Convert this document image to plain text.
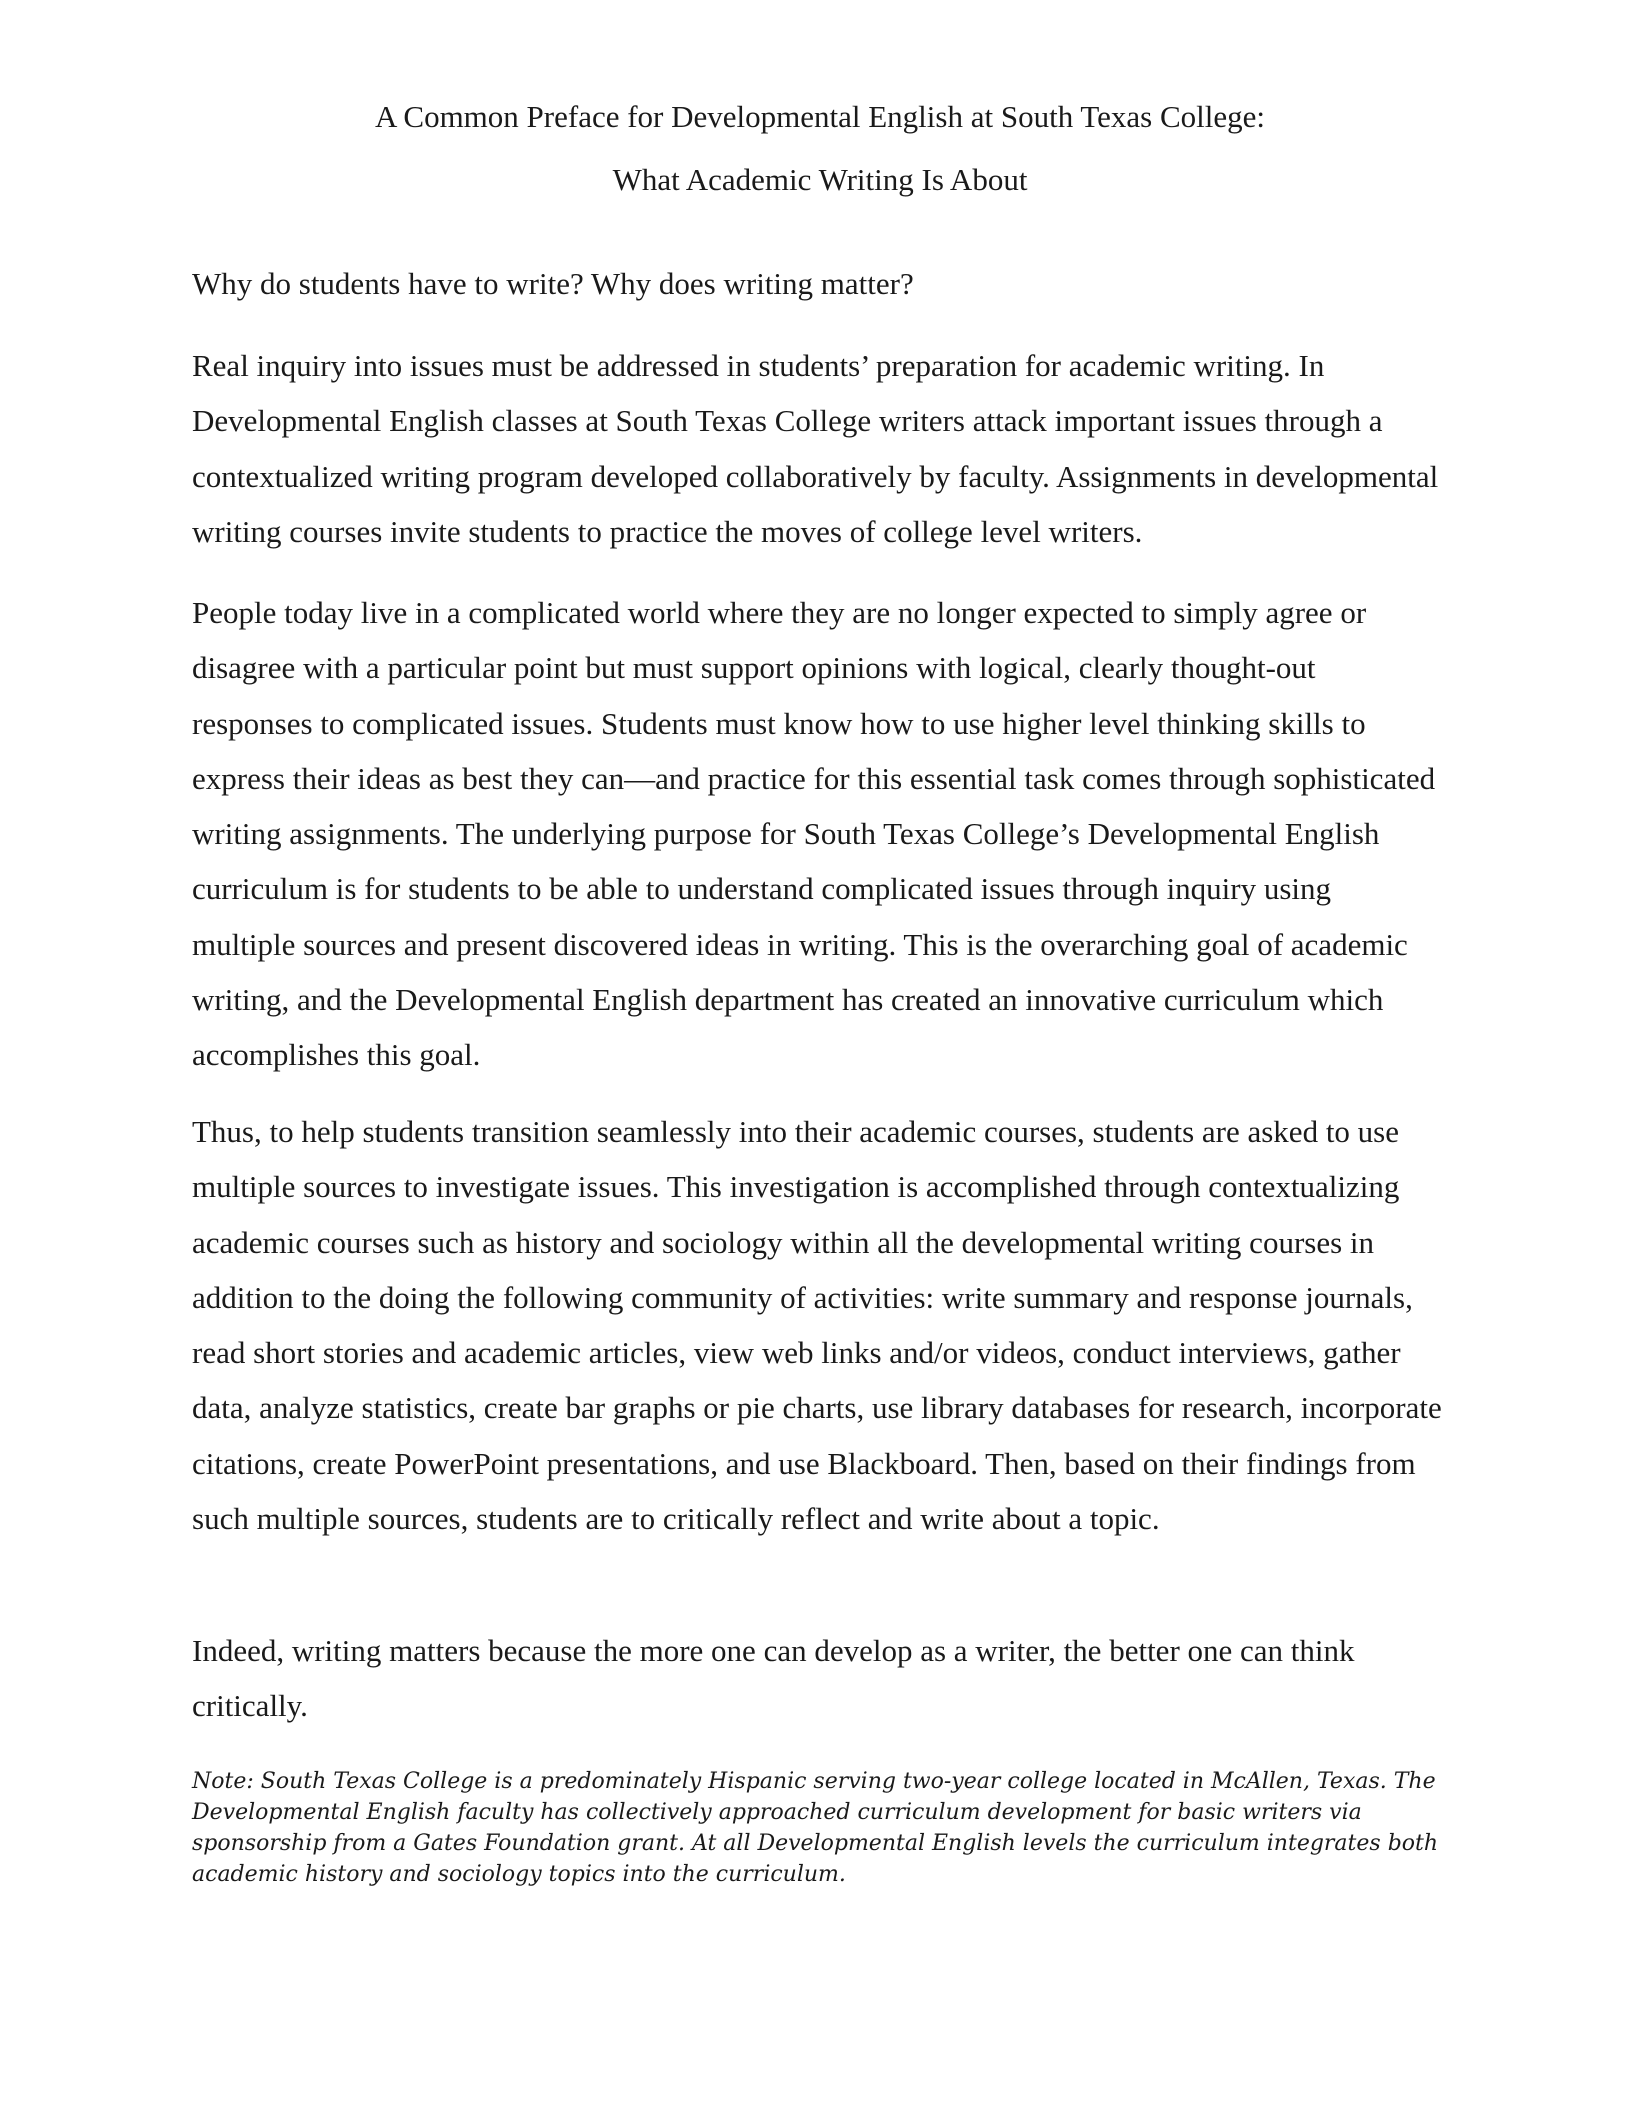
A Common Preface for Developmental English at South Texas College:
What Academic Writing Is About

Why do students have to write? Why does writing matter?

Real inquiry into issues must be addressed in students’ preparation for academic writing. In Developmental English classes at South Texas College writers attack important issues through a contextualized writing program developed collaboratively by faculty. Assignments in developmental writing courses invite students to practice the moves of college level writers.

People today live in a complicated world where they are no longer expected to simply agree or disagree with a particular point but must support opinions with logical, clearly thought-out responses to complicated issues. Students must know how to use higher level thinking skills to express their ideas as best they can—and practice for this essential task comes through sophisticated writing assignments. The underlying purpose for South Texas College’s Developmental English curriculum is for students to be able to understand complicated issues through inquiry using multiple sources and present discovered ideas in writing. This is the overarching goal of academic writing, and the Developmental English department has created an innovative curriculum which accomplishes this goal.

Thus, to help students transition seamlessly into their academic courses, students are asked to use multiple sources to investigate issues. This investigation is accomplished through contextualizing academic courses such as history and sociology within all the developmental writing courses in addition to the doing the following community of activities: write summary and response journals, read short stories and academic articles, view web links and/or videos, conduct interviews, gather data, analyze statistics, create bar graphs or pie charts, use library databases for research, incorporate citations, create PowerPoint presentations, and use Blackboard. Then, based on their findings from such multiple sources, students are to critically reflect and write about a topic.

Indeed, writing matters because the more one can develop as a writer, the better one can think critically.

Note: South Texas College is a predominately Hispanic serving two-year college located in McAllen, Texas. The Developmental English faculty has collectively approached curriculum development for basic writers via sponsorship from a Gates Foundation grant. At all Developmental English levels the curriculum integrates both academic history and sociology topics into the curriculum.
